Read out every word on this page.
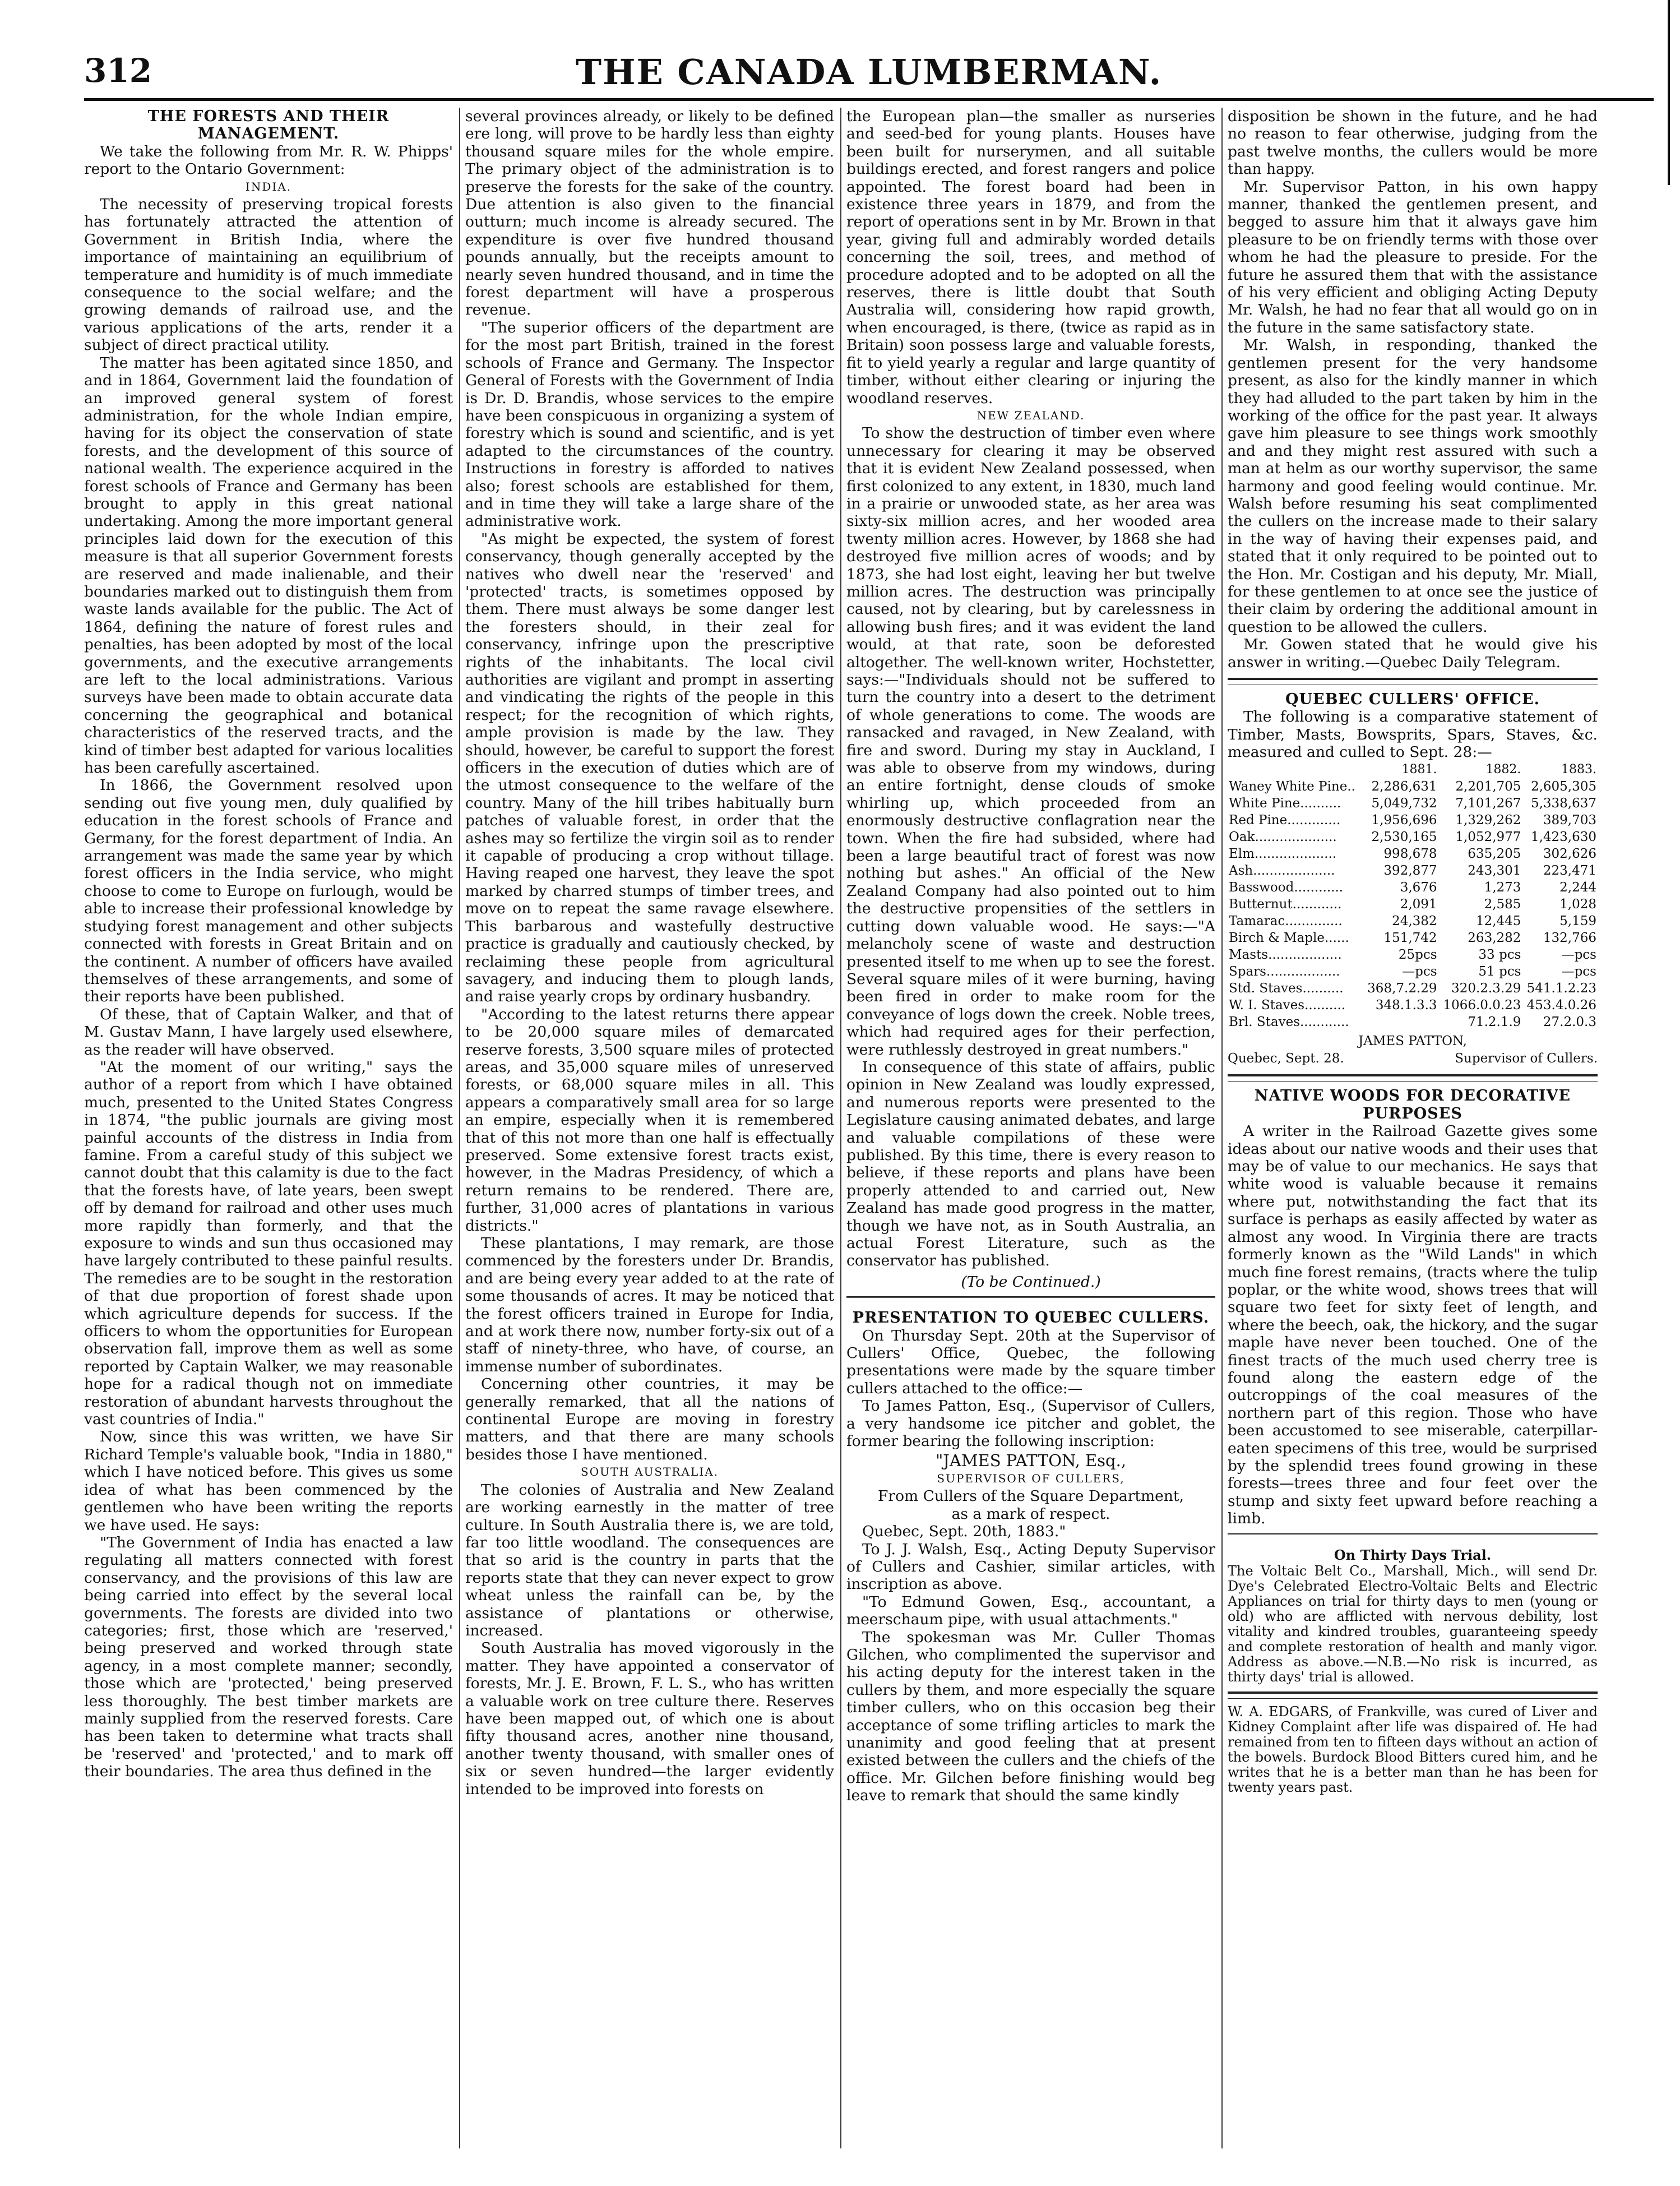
312	THE CANADA LUMBERMAN.

THE FORESTS AND THEIR MANAGEMENT.

We take the following from Mr. R. W. Phipps' report to the Ontario Government:

INDIA.

The necessity of preserving tropical forests has fortunately attracted the attention of Government in British India, where the importance of maintaining an equilibrium of temperature and humidity is of much immediate consequence to the social welfare; and the growing demands of railroad use, and the various applications of the arts, render it a subject of direct practical utility.

The matter has been agitated since 1850, and and in 1864, Government laid the foundation of an improved general system of forest administration, for the whole Indian empire, having for its object the conservation of state forests, and the development of this source of national wealth. The experience acquired in the forest schools of France and Germany has been brought to apply in this great national undertaking. Among the more important general principles laid down for the execution of this measure is that all superior Government forests are reserved and made inalienable, and their boundaries marked out to distinguish them from waste lands available for the public. The Act of 1864, defining the nature of forest rules and penalties, has been adopted by most of the local governments, and the executive arrangements are left to the local administrations. Various surveys have been made to obtain accurate data concerning the geographical and botanical characteristics of the reserved tracts, and the kind of timber best adapted for various localities has been carefully ascertained.

In 1866, the Government resolved upon sending out five young men, duly qualified by education in the forest schools of France and Germany, for the forest department of India. An arrangement was made the same year by which forest officers in the India service, who might choose to come to Europe on furlough, would be able to increase their professional knowledge by studying forest management and other subjects connected with forests in Great Britain and on the continent. A number of officers have availed themselves of these arrangements, and some of their reports have been published.

Of these, that of Captain Walker, and that of M. Gustav Mann, I have largely used elsewhere, as the reader will have observed.

"At the moment of our writing," says the author of a report from which I have obtained much, presented to the United States Congress in 1874, "the public journals are giving most painful accounts of the distress in India from famine. From a careful study of this subject we cannot doubt that this calamity is due to the fact that the forests have, of late years, been swept off by demand for railroad and other uses much more rapidly than formerly, and that the exposure to winds and sun thus occasioned may have largely contributed to these painful results. The remedies are to be sought in the restoration of that due proportion of forest shade upon which agriculture depends for success. If the officers to whom the opportunities for European observation fall, improve them as well as some reported by Captain Walker, we may reasonable hope for a radical though not on immediate restoration of abundant harvests throughout the vast countries of India."

Now, since this was written, we have Sir Richard Temple's valuable book, "India in 1880," which I have noticed before. This gives us some idea of what has been commenced by the gentlemen who have been writing the reports we have used. He says:

"The Government of India has enacted a law regulating all matters connected with forest conservancy, and the provisions of this law are being carried into effect by the several local governments. The forests are divided into two categories; first, those which are 'reserved,' being preserved and worked through state agency, in a most complete manner; secondly, those which are 'protected,' being preserved less thoroughly. The best timber markets are mainly supplied from the reserved forests. Care has been taken to determine what tracts shall be 'reserved' and 'protected,' and to mark off their boundaries. The area thus defined in the

several provinces already, or likely to be defined ere long, will prove to be hardly less than eighty thousand square miles for the whole empire. The primary object of the administration is to preserve the forests for the sake of the country. Due attention is also given to the financial outturn; much income is already secured. The expenditure is over five hundred thousand pounds annually, but the receipts amount to nearly seven hundred thousand, and in time the forest department will have a prosperous revenue.

"The superior officers of the department are for the most part British, trained in the forest schools of France and Germany. The Inspector General of Forests with the Government of India is Dr. D. Brandis, whose services to the empire have been conspicuous in organizing a system of forestry which is sound and scientific, and is yet adapted to the circumstances of the country. Instructions in forestry is afforded to natives also; forest schools are established for them, and in time they will take a large share of the administrative work.

"As might be expected, the system of forest conservancy, though generally accepted by the natives who dwell near the 'reserved' and 'protected' tracts, is sometimes opposed by them. There must always be some danger lest the foresters should, in their zeal for conservancy, infringe upon the prescriptive rights of the inhabitants. The local civil authorities are vigilant and prompt in asserting and vindicating the rights of the people in this respect; for the recognition of which rights, ample provision is made by the law. They should, however, be careful to support the forest officers in the execution of duties which are of the utmost consequence to the welfare of the country. Many of the hill tribes habitually burn patches of valuable forest, in order that the ashes may so fertilize the virgin soil as to render it capable of producing a crop without tillage. Having reaped one harvest, they leave the spot marked by charred stumps of timber trees, and move on to repeat the same ravage elsewhere. This barbarous and wastefully destructive practice is gradually and cautiously checked, by reclaiming these people from agricultural savagery, and inducing them to plough lands, and raise yearly crops by ordinary husbandry.

"According to the latest returns there appear to be 20,000 square miles of demarcated reserve forests, 3,500 square miles of protected areas, and 35,000 square miles of unreserved forests, or 68,000 square miles in all. This appears a comparatively small area for so large an empire, especially when it is remembered that of this not more than one half is effectually preserved. Some extensive forest tracts exist, however, in the Madras Presidency, of which a return remains to be rendered. There are, further, 31,000 acres of plantations in various districts."

These plantations, I may remark, are those commenced by the foresters under Dr. Brandis, and are being every year added to at the rate of some thousands of acres. It may be noticed that the forest officers trained in Europe for India, and at work there now, number forty-six out of a staff of ninety-three, who have, of course, an immense number of subordinates.

Concerning other countries, it may be generally remarked, that all the nations of continental Europe are moving in forestry matters, and that there are many schools besides those I have mentioned.

SOUTH AUSTRALIA.

The colonies of Australia and New Zealand are working earnestly in the matter of tree culture. In South Australia there is, we are told, far too little woodland. The consequences are that so arid is the country in parts that the reports state that they can never expect to grow wheat unless the rainfall can be, by the assistance of plantations or otherwise, increased.

South Australia has moved vigorously in the matter. They have appointed a conservator of forests, Mr. J. E. Brown, F. L. S., who has written a valuable work on tree culture there. Reserves have been mapped out, of which one is about fifty thousand acres, another nine thousand, another twenty thousand, with smaller ones of six or seven hundred—the larger evidently intended to be improved into forests on

the European plan—the smaller as nurseries and seed-bed for young plants. Houses have been built for nurserymen, and all suitable buildings erected, and forest rangers and police appointed. The forest board had been in existence three years in 1879, and from the report of operations sent in by Mr. Brown in that year, giving full and admirably worded details concerning the soil, trees, and method of procedure adopted and to be adopted on all the reserves, there is little doubt that South Australia will, considering how rapid growth, when encouraged, is there, (twice as rapid as in Britain) soon possess large and valuable forests, fit to yield yearly a regular and large quantity of timber, without either clearing or injuring the woodland reserves.

NEW ZEALAND.

To show the destruction of timber even where unnecessary for clearing it may be observed that it is evident New Zealand possessed, when first colonized to any extent, in 1830, much land in a prairie or unwooded state, as her area was sixty-six million acres, and her wooded area twenty million acres. However, by 1868 she had destroyed five million acres of woods; and by 1873, she had lost eight, leaving her but twelve million acres. The destruction was principally caused, not by clearing, but by carelessness in allowing bush fires; and it was evident the land would, at that rate, soon be deforested altogether. The well-known writer, Hochstetter, says:—"Individuals should not be suffered to turn the country into a desert to the detriment of whole generations to come. The woods are ransacked and ravaged, in New Zealand, with fire and sword. During my stay in Auckland, I was able to observe from my windows, during an entire fortnight, dense clouds of smoke whirling up, which proceeded from an enormously destructive conflagration near the town. When the fire had subsided, where had been a large beautiful tract of forest was now nothing but ashes." An official of the New Zealand Company had also pointed out to him the destructive propensities of the settlers in cutting down valuable wood. He says:—"A melancholy scene of waste and destruction presented itself to me when up to see the forest. Several square miles of it were burning, having been fired in order to make room for the conveyance of logs down the creek. Noble trees, which had required ages for their perfection, were ruthlessly destroyed in great numbers."

In consequence of this state of affairs, public opinion in New Zealand was loudly expressed, and numerous reports were presented to the Legislature causing animated debates, and large and valuable compilations of these were published. By this time, there is every reason to believe, if these reports and plans have been properly attended to and carried out, New Zealand has made good progress in the matter, though we have not, as in South Australia, an actual Forest Literature, such as the conservator has published.

(To be Continued.)

PRESENTATION TO QUEBEC CULLERS.

On Thursday Sept. 20th at the Supervisor of Cullers' Office, Quebec, the following presentations were made by the square timber cullers attached to the office:—

To James Patton, Esq., (Supervisor of Cullers, a very handsome ice pitcher and goblet, the former bearing the following inscription:

"JAMES PATTON, Esq.,

SUPERVISOR OF CULLERS,

From Cullers of the Square Department,

as a mark of respect.

Quebec, Sept. 20th, 1883."

To J. J. Walsh, Esq., Acting Deputy Supervisor of Cullers and Cashier, similar articles, with inscription as above.

"To Edmund Gowen, Esq., accountant, a meerschaum pipe, with usual attachments."

The spokesman was Mr. Culler Thomas Gilchen, who complimented the supervisor and his acting deputy for the interest taken in the cullers by them, and more especially the square timber cullers, who on this occasion beg their acceptance of some trifling articles to mark the unanimity and good feeling that at present existed between the cullers and the chiefs of the office. Mr. Gilchen before finishing would beg leave to remark that should the same kindly

disposition be shown in the future, and he had no reason to fear otherwise, judging from the past twelve months, the cullers would be more than happy.

Mr. Supervisor Patton, in his own happy manner, thanked the gentlemen present, and begged to assure him that it always gave him pleasure to be on friendly terms with those over whom he had the pleasure to preside. For the future he assured them that with the assistance of his very efficient and obliging Acting Deputy Mr. Walsh, he had no fear that all would go on in the future in the same satisfactory state.

Mr. Walsh, in responding, thanked the gentlemen present for the very handsome present, as also for the kindly manner in which they had alluded to the part taken by him in the working of the office for the past year. It always gave him pleasure to see things work smoothly and and they might rest assured with such a man at helm as our worthy supervisor, the same harmony and good feeling would continue. Mr. Walsh before resuming his seat complimented the cullers on the increase made to their salary in the way of having their expenses paid, and stated that it only required to be pointed out to the Hon. Mr. Costigan and his deputy, Mr. Miall, for these gentlemen to at once see the justice of their claim by ordering the additional amount in question to be allowed the cullers.

Mr. Gowen stated that he would give his answer in writing.—Quebec Daily Telegram.

QUEBEC CULLERS' OFFICE.

The following is a comparative statement of Timber, Masts, Bowsprits, Spars, Staves, &c. measured and culled to Sept. 28:—

	1881.	1882.	1883.
Waney White Pine..	2,286,631	2,201,705	2,605,305
White Pine..........	5,049,732	7,101,267	5,338,637
Red Pine.............	1,956,696	1,329,262	389,703
Oak....................	2,530,165	1,052,977	1,423,630
Elm....................	998,678	635,205	302,626
Ash....................	392,877	243,301	223,471
Basswood............	3,676	1,273	2,244
Butternut............	2,091	2,585	1,028
Tamarac..............	24,382	12,445	5,159
Birch & Maple......	151,742	263,282	132,766
Masts..................	25pcs	33 pcs	—pcs
Spars..................	—pcs	51 pcs	—pcs
Std. Staves..........	368,7.2.29	320.2.3.29	541.1.2.23
W. I. Staves..........	348.1.3.3	1066.0.0.23	453.4.0.26
Brl. Staves............		71.2.1.9	27.2.0.3
JAMES PATTON,
Quebec, Sept. 28.	Supervisor of Cullers.

NATIVE WOODS FOR DECORATIVE PURPOSES

A writer in the Railroad Gazette gives some ideas about our native woods and their uses that may be of value to our mechanics. He says that white wood is valuable because it remains where put, notwithstanding the fact that its surface is perhaps as easily affected by water as almost any wood. In Virginia there are tracts formerly known as the "Wild Lands" in which much fine forest remains, (tracts where the tulip poplar, or the white wood, shows trees that will square two feet for sixty feet of length, and where the beech, oak, the hickory, and the sugar maple have never been touched. One of the finest tracts of the much used cherry tree is found along the eastern edge of the outcroppings of the coal measures of the northern part of this region. Those who have been accustomed to see miserable, caterpillar-eaten specimens of this tree, would be surprised by the splendid trees found growing in these forests—trees three and four feet over the stump and sixty feet upward before reaching a limb.

On Thirty Days Trial.

The Voltaic Belt Co., Marshall, Mich., will send Dr. Dye's Celebrated Electro-Voltaic Belts and Electric Appliances on trial for thirty days to men (young or old) who are afflicted with nervous debility, lost vitality and kindred troubles, guaranteeing speedy and complete restoration of health and manly vigor. Address as above.—N.B.—No risk is incurred, as thirty days' trial is allowed.

W. A. EDGARS, of Frankville, was cured of Liver and Kidney Complaint after life was dispaired of. He had remained from ten to fifteen days without an action of the bowels. Burdock Blood Bitters cured him, and he writes that he is a better man than he has been for twenty years past.
